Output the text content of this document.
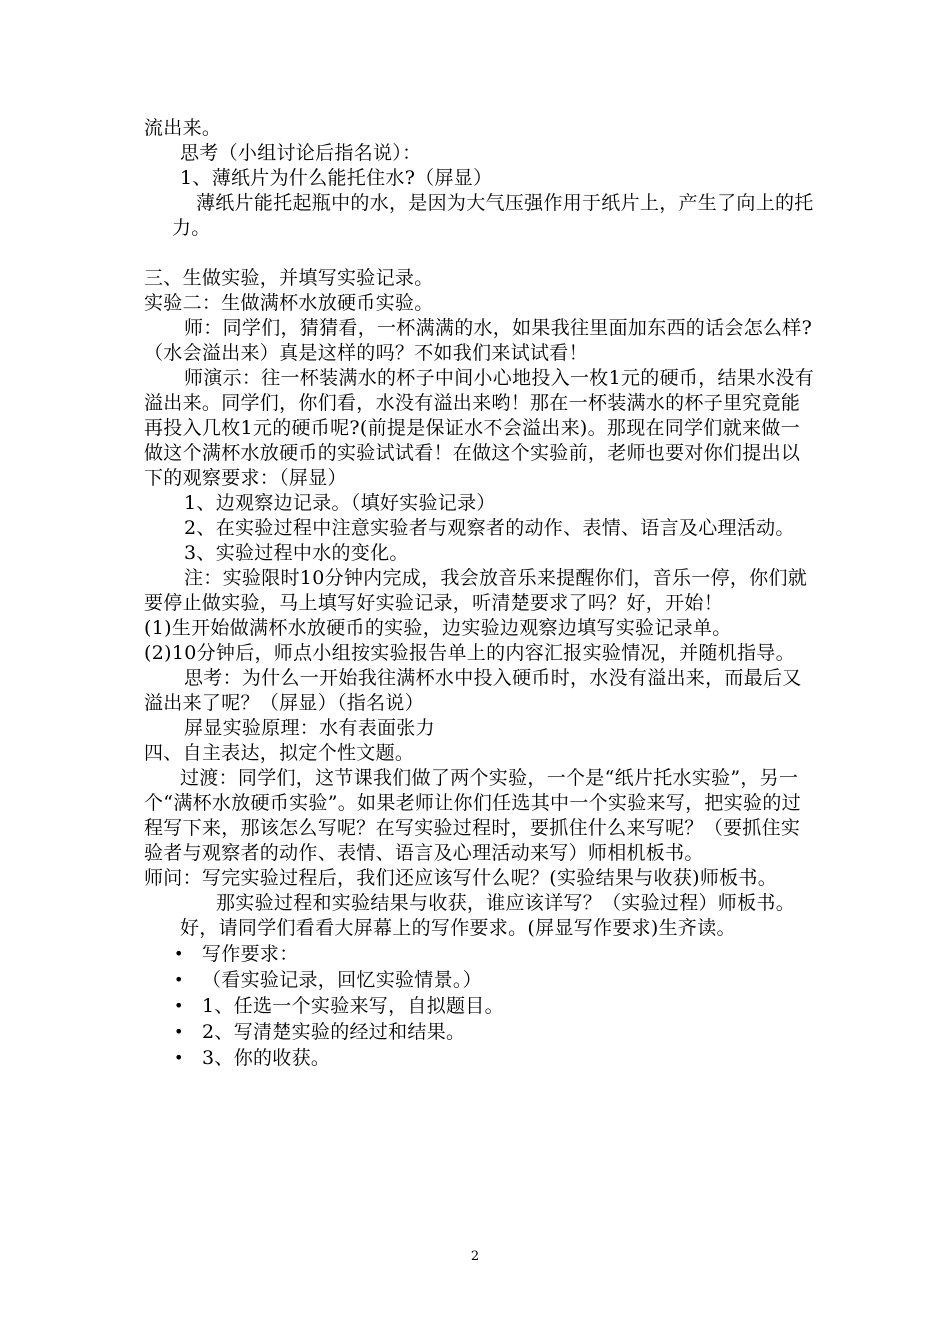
流出来。

思考（小组讨论后指名说）：

1、薄纸片为什么能托住水?（屏显）

薄纸片能托起瓶中的水，是因为大气压强作用于纸片上，产生了向上的托力。

三、生做实验，并填写实验记录。

实验二：生做满杯水放硬币实验。

师：同学们，猜猜看，一杯满满的水，如果我往里面加东西的话会怎么样?（水会溢出来）真是这样的吗？不如我们来试试看！

师演示：往一杯装满水的杯子中间小心地投入一枚1元的硬币，结果水没有溢出来。同学们，你们看，水没有溢出来哟！那在一杯装满水的杯子里究竟能再投入几枚1元的硬币呢?(前提是保证水不会溢出来)。那现在同学们就来做一做这个满杯水放硬币的实验试试看！在做这个实验前，老师也要对你们提出以下的观察要求：（屏显）

1、边观察边记录。（填好实验记录）

2、在实验过程中注意实验者与观察者的动作、表情、语言及心理活动。

3、实验过程中水的变化。

注：实验限时10分钟内完成，我会放音乐来提醒你们，音乐一停，你们就要停止做实验，马上填写好实验记录，听清楚要求了吗？好，开始！

(1)生开始做满杯水放硬币的实验，边实验边观察边填写实验记录单。

(2)10分钟后，师点小组按实验报告单上的内容汇报实验情况，并随机指导。

思考：为什么一开始我往满杯水中投入硬币时，水没有溢出来，而最后又溢出来了呢？（屏显）（指名说）

屏显实验原理：水有表面张力

四、自主表达，拟定个性文题。

过渡：同学们，这节课我们做了两个实验，一个是“纸片托水实验”，另一个“满杯水放硬币实验”。如果老师让你们任选其中一个实验来写，把实验的过程写下来，那该怎么写呢？在写实验过程时，要抓住什么来写呢？（要抓住实验者与观察者的动作、表情、语言及心理活动来写）师相机板书。

师问：写完实验过程后，我们还应该写什么呢？(实验结果与收获)师板书。

那实验过程和实验结果与收获，谁应该详写？（实验过程）师板书。

好，请同学们看看大屏幕上的写作要求。(屏显写作要求)生齐读。

• 写作要求：
• （看实验记录，回忆实验情景。）
• 1、任选一个实验来写，自拟题目。
• 2、写清楚实验的经过和结果。
• 3、你的收获。
2
